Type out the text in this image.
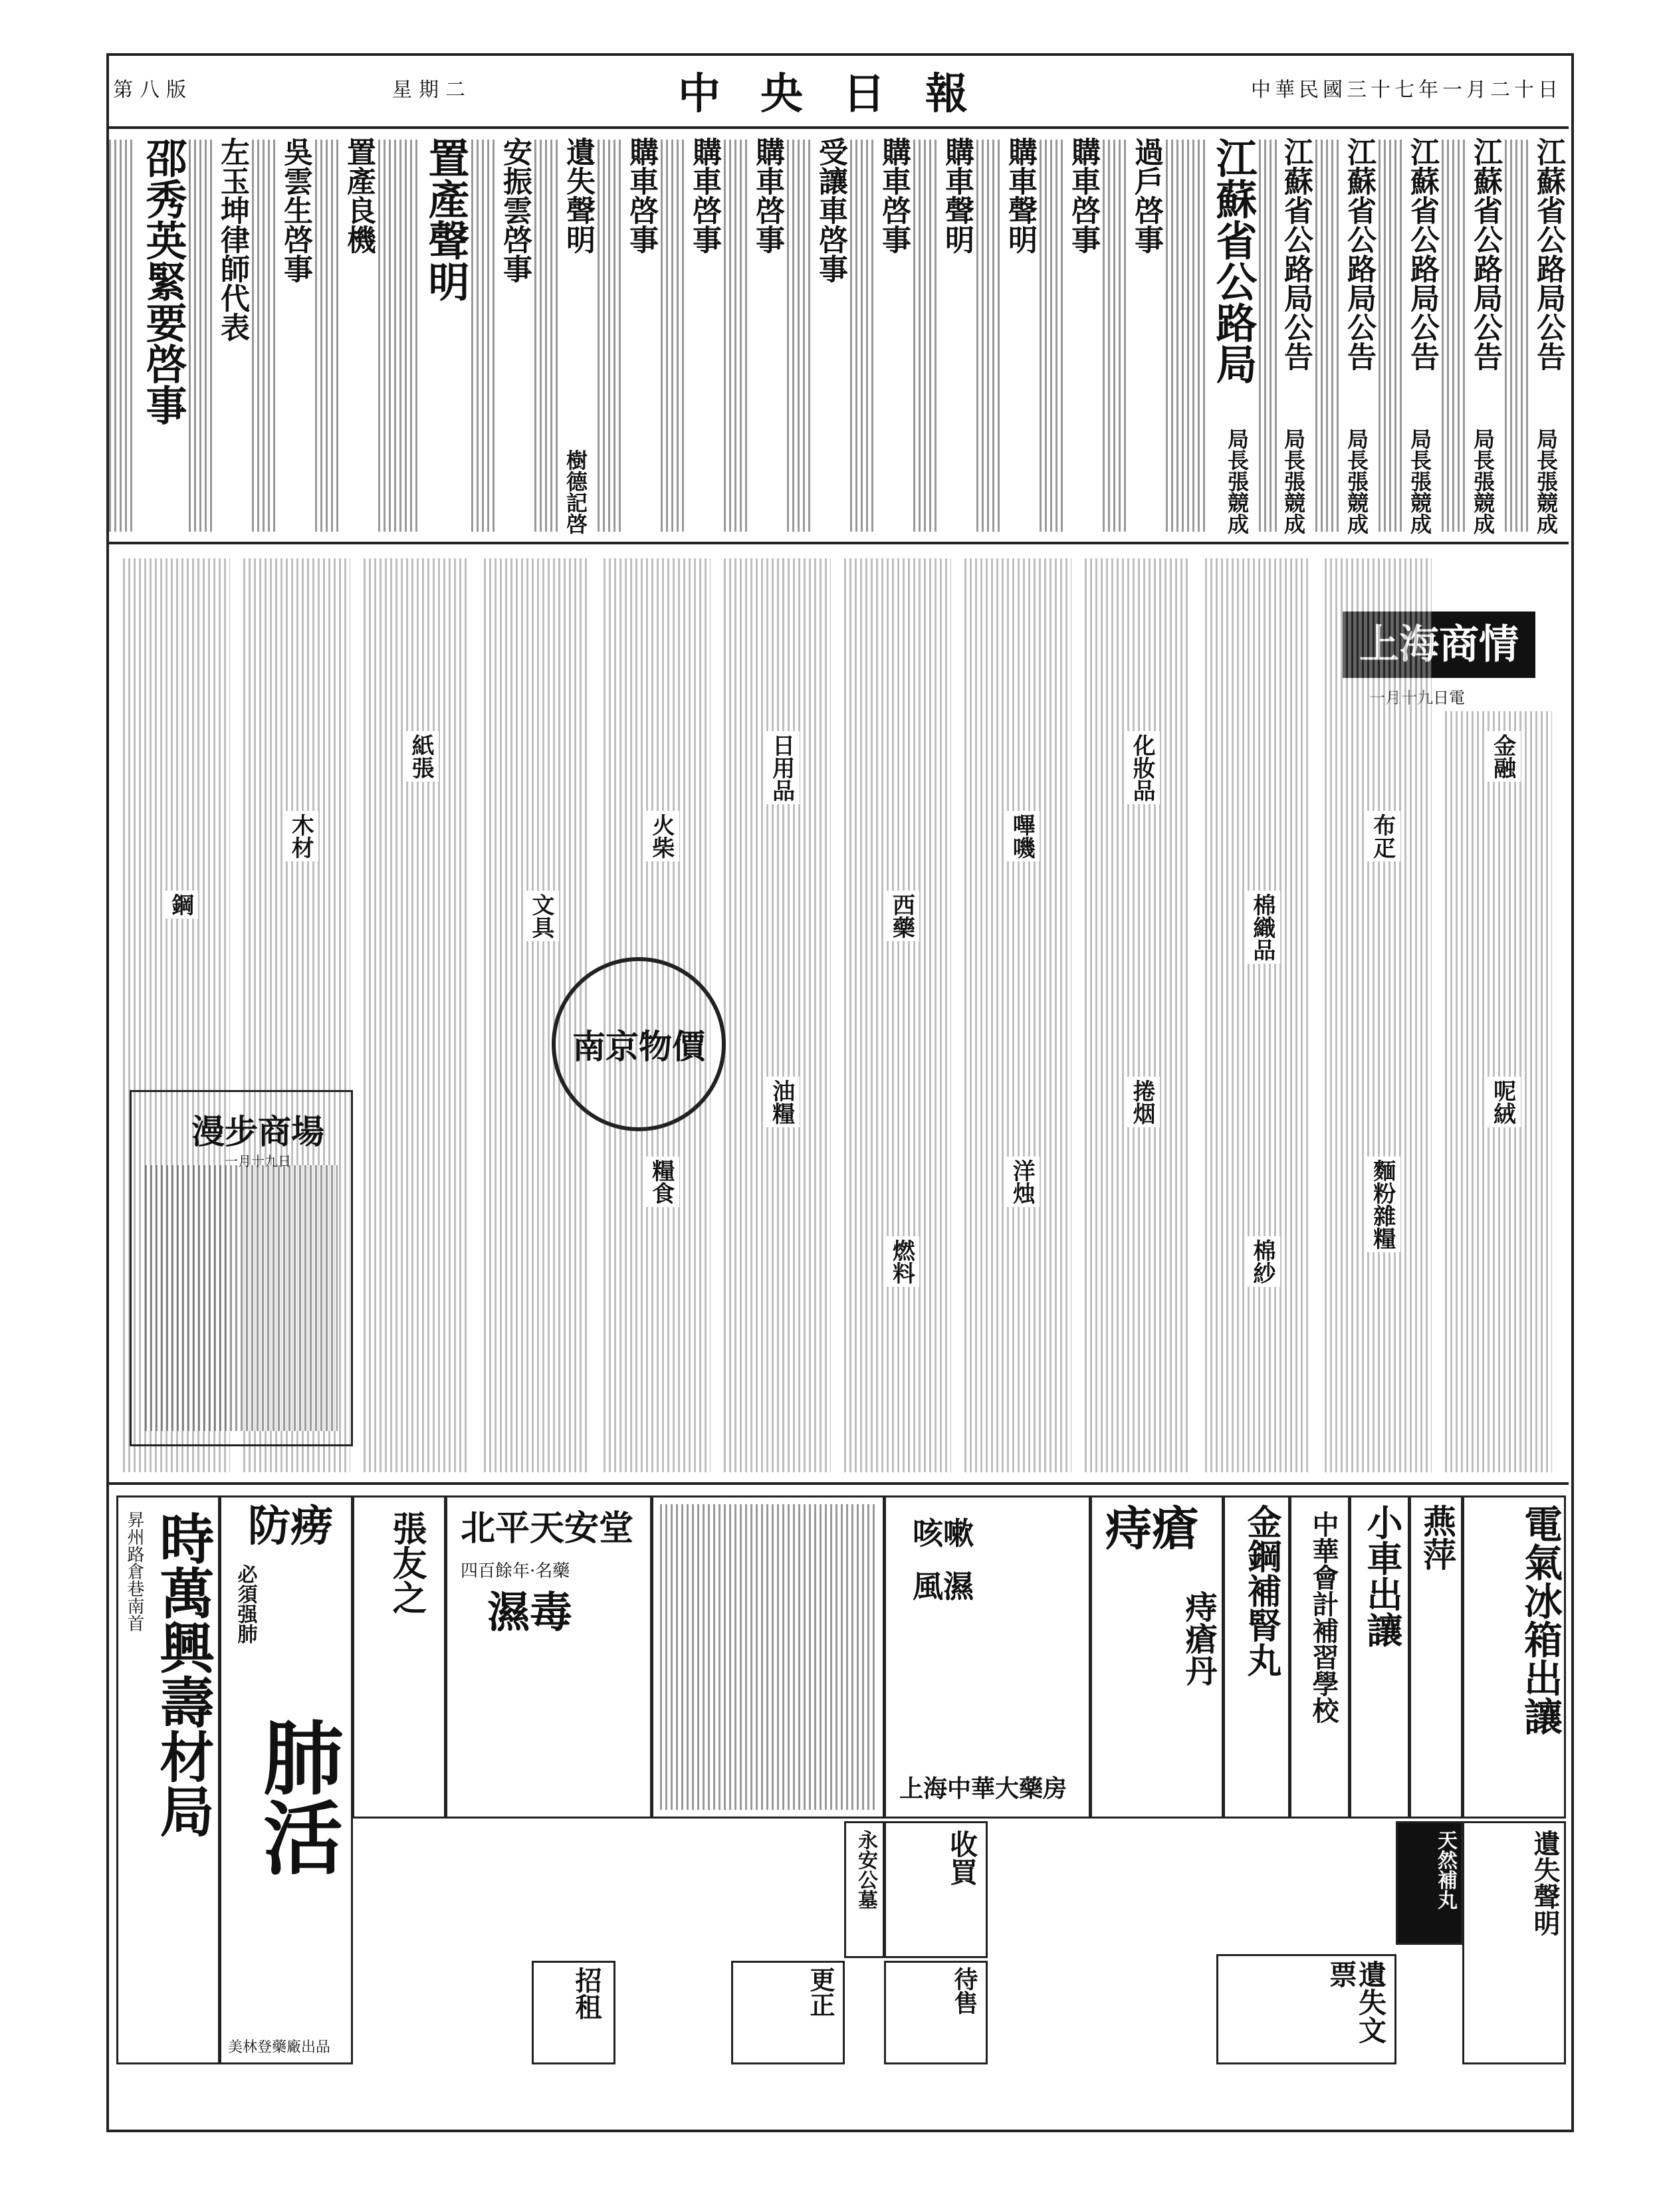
第八版	星期二	中央日報	中華民國三十七年一月二十日
江蘇省公路局公告
局長張競成
江蘇省公路局公告
局長張競成
江蘇省公路局公告
局長張競成
江蘇省公路局公告
局長張競成
江蘇省公路局公告
局長張競成
江蘇省公路局
局長張競成
過戶啓事
購車啓事
購車聲明
購車聲明
購車啓事
受讓車啓事
購車啓事
購車啓事
購車啓事
遺失聲明
樹德記啓
安振雲啓事
置產聲明
置產良機
吳雲生啓事
左玉坤律師代表
邵秀英緊要啓事
上海商情
一月十九日電
金融
布疋
棉織品
化妝品
嗶嘰
西藥
日用品
火柴
文具
紙張
木材
鋼
呢絨
麵粉雜糧
棉紗
捲烟
洋烛
燃料
油糧
糧食
南京物價
漫步商場
一月十九日
電氣冰箱出讓
燕萍
小車出讓
中華會計補習學校
金鋼補腎丸
痔瘡
痔瘡丹
咳嗽
風濕
上海中華大藥房
北平天安堂
四百餘年·名藥
濕毒
張友之
防痨
必須强肺
肺活
美林登藥廠出品
時萬興壽材局
昇州路倉巷南首
遺失聲明
天然補丸
遺失文票
收買
永安公墓
待售
更正
招租
